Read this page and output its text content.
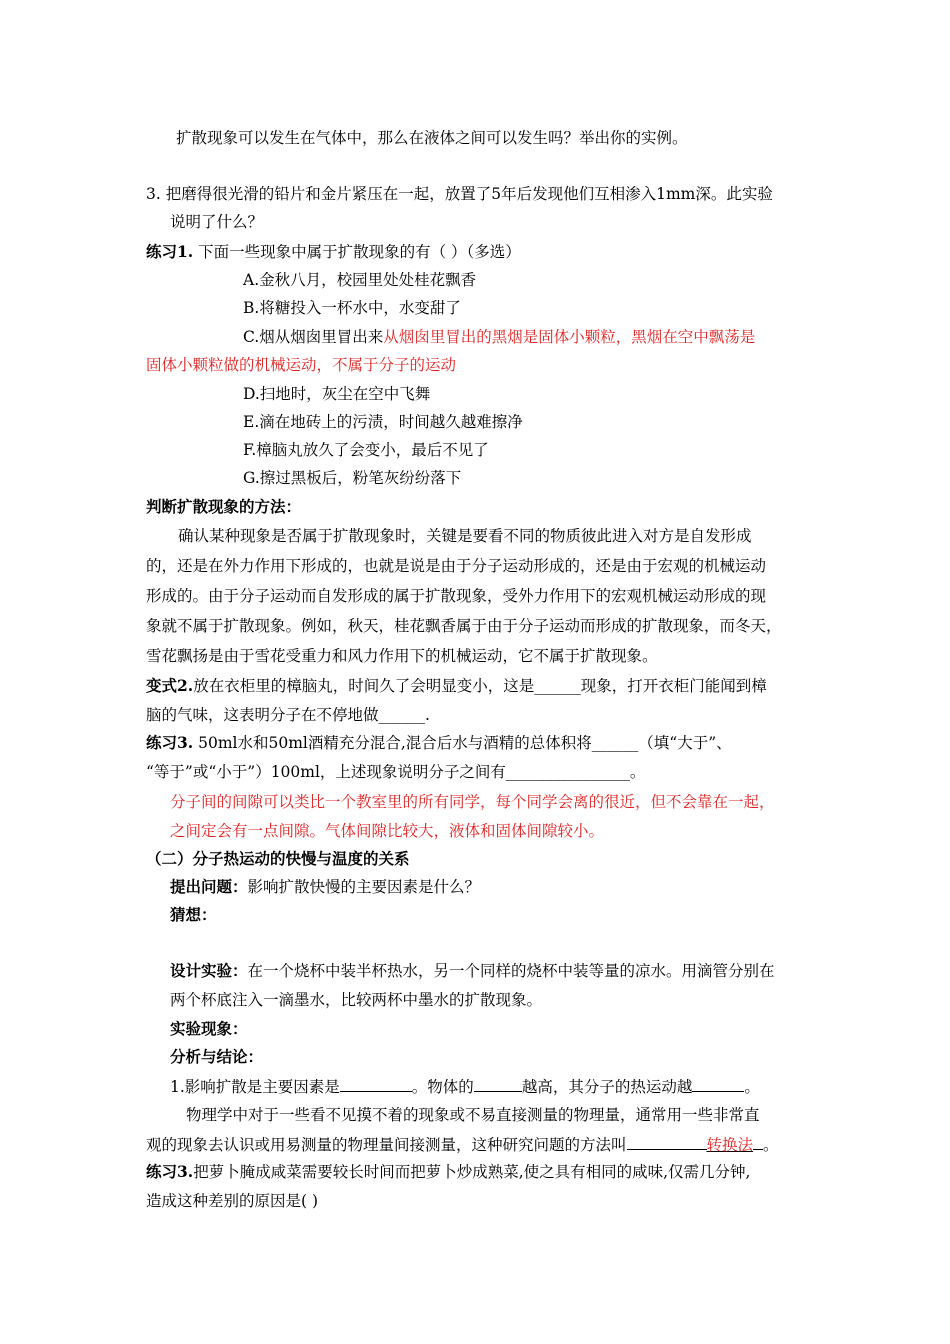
扩散现象可以发生在气体中，那么在液体之间可以发生吗？举出你的实例。
3. 把磨得很光滑的铅片和金片紧压在一起，放置了5年后发现他们互相渗入1mm深。此实验
说明了什么？
练习1. 下面一些现象中属于扩散现象的有（ ）（多选）
A.金秋八月，校园里处处桂花飘香
B.将糖投入一杯水中，水变甜了
C.烟从烟囱里冒出来从烟囱里冒出的黑烟是固体小颗粒，黑烟在空中飘荡是
固体小颗粒做的机械运动，不属于分子的运动
D.扫地时，灰尘在空中飞舞
E.滴在地砖上的污渍，时间越久越难擦净
F.樟脑丸放久了会变小，最后不见了
G.擦过黑板后，粉笔灰纷纷落下
判断扩散现象的方法：
确认某种现象是否属于扩散现象时，关键是要看不同的物质彼此进入对方是自发形成
的，还是在外力作用下形成的，也就是说是由于分子运动形成的，还是由于宏观的机械运动
形成的。由于分子运动而自发形成的属于扩散现象，受外力作用下的宏观机械运动形成的现
象就不属于扩散现象。例如，秋天，桂花飘香属于由于分子运动而形成的扩散现象，而冬天，
雪花飘扬是由于雪花受重力和风力作用下的机械运动，它不属于扩散现象。
变式2.放在衣柜里的樟脑丸，时间久了会明显变小，这是______现象，打开衣柜门能闻到樟
脑的气味，这表明分子在不停地做______.
练习3. 50ml水和50ml酒精充分混合,混合后水与酒精的总体积将______（填“大于”、
“等于”或“小于”）100ml，上述现象说明分子之间有________________。
分子间的间隙可以类比一个教室里的所有同学，每个同学会离的很近，但不会靠在一起，
之间定会有一点间隙。气体间隙比较大，液体和固体间隙较小。
（二）分子热运动的快慢与温度的关系
提出问题：影响扩散快慢的主要因素是什么？
猜想：
设计实验：在一个烧杯中装半杯热水，另一个同样的烧杯中装等量的凉水。用滴管分别在
两个杯底注入一滴墨水，比较两杯中墨水的扩散现象。
实验现象：
分析与结论：
1.影响扩散是主要因素是	。物体的	越高，其分子的热运动越	。
物理学中对于一些看不见摸不着的现象或不易直接测量的物理量，通常用一些非常直
观的现象去认识或用易测量的物理量间接测量，这种研究问题的方法叫	转换法 。
练习3.把萝卜腌成咸菜需要较长时间而把萝卜炒成熟菜,使之具有相同的咸味,仅需几分钟,
造成这种差别的原因是( )
